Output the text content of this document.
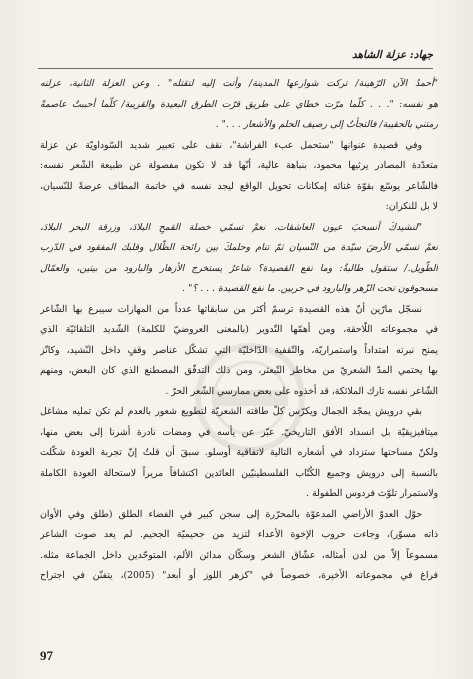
جهاد: عزلة الشاهد
"أحمدُ الآن الرّهينة/ تركت شوارعها المدينة/ وأتت إليه لتقتله" . وعن العزلة الثانية، عزلته
هو نفسه: ". . . كلّما مرّت خطاي على طريق قرّت الطرق البعيدة والقريبة/ كلّما أحببتُ عاصمةً
رمتني بالحقيبة/ فالتجأتُ إلى رصيف الحلم والأشعار . . ." .
وفي قصيدة عنوانها "ستحمل عبء الفراشة"، نقف على تعبير شديد السّوداويّة عن عزلة
متعدّدة المصادر يرثيها محمود، بنباهة عالية، أنّها قد لا تكون مفصولة عن طبيعة الشّعر نفسه:
فالشّاعر يوسّع بقوّة غنائه إمكانات تحويل الواقع ليجد نفسه في خاتمة المطاف عرضةً للنّسيان،
لا بل للنكران:
"لنشيدكَ أنسحبَ عيون العاشقات، نعمْ تسمّي خصلة القمحِ البلادَ، وزرقة البحر البلادَ،
نعمْ تسمّي الأرضَ سيّدة من النّسيان ثمّ تنام وحلمكَ بين رائحة الظّلال وقلبك المفقود في الدّرب
الطّويل./ ستقول طالبةٌ: وما نفع القصيدة؟ شاعرٌ يستخرج الأزهار والبارود من بيتين، والعمّال
مسحوقون تحت الزّهر والبارود في حربين. ما نفع القصيدة . . . ؟" .
نسجّل مارّين أنّ هذه القصيدة ترسمّ أكثر من سابقاتها عدداً من المهارات سيبرع بها الشّاعر
في مجموعاته اللّاحقة، ومن أهمّها التّدوير (بالمعنى العروضيّ للكلمة) الشّديد التلقائيّة الذي
يمنح نبرته امتداداً واستمراريّة، والتّقفية الدّاخليّة التي تشكّل عناصر وقفٍ داخل النّشيد، وكانّز
بها يحتمي المدّ الشعريّ من مخاطر التّبعثر، ومن ذلك التدفّق المصطنع الذي كان البعض، ومنهم
الشّاعر نفسه تارك الملائكة، قد أخذوه على بعض ممارسي الشّعر الحرّ .
بقي درويش يمجّد الجمال ويكرّس كلّ طاقته الشعريّة لتطويع شعور بالعدم لم تكن تمليه مشاغل
ميتافيزيقيّة بل انسداد الأفق التاريخيّ. عبّر عن يأسه في ومضات نادرة أشرنا إلى بعض منها،
ولكنّ مساحتها ستزداد في أشعاره التالية لاتفاقية أوسلو. سبقَ أن قلتُ إنّ تجربة العودة شكّلت
بالنسبة إلى درويش وجميع الكُتّاب الفلسطينيّين العائدين اكتشافاً مريراً لاستحالة العودة الكاملة
ولاستمرار تلوّث فردوس الطفولة .
حوّل العدوّ الأراضي المدعوّة بالمحرّرة إلى سجن كبير في الفضاء الطلق (طلق وفي الأوان
ذاته مسوّر)، وجاءت حروب الإخوة الأعداء لتزيد من جحيميّة الجحيم. لم يعد صوت الشاعر
مسموعاً إلاّ من لدن أمثاله، عشّاق الشعر وسكّان مدائن الألم، المتوحّدين داخل الجماعة مثله.
فراغ في مجموعاته الأخيرة، خصوصاً في "كزهر اللوز أو أبعد" (2005)، يتفنّن في اجتراح
97
